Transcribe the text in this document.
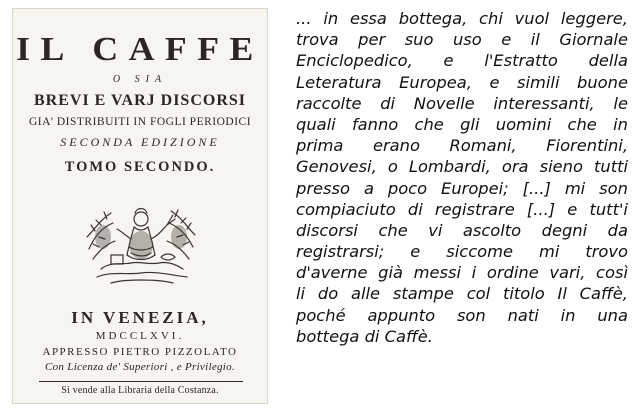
IL CAFFE
O SIA
BREVI E VARJ DISCORSI
GIA' DISTRIBUITI IN FOGLI PERIODICI
SECONDA EDIZIONE
TOMO SECONDO.
IN VENEZIA,
MDCCLXVI.
APPRESSO PIETRO PIZZOLATO
Con Licenza de' Superiori , e Privilegio.
Si vende alla Libraria della Costanza.
... in essa bottega, chi vuol leggere,
trova per suo uso e il Giornale
Enciclopedico, e l'Estratto della
Leteratura Europea, e simili buone
raccolte di Novelle interessanti, le
quali fanno che gli uomini che in
prima erano Romani, Fiorentini,
Genovesi, o Lombardi, ora sieno tutti
presso a poco Europei; [...] mi son
compiaciuto di registrare [...] e tutt'i
discorsi che vi ascolto degni da
registrarsi; e siccome mi trovo
d'averne già messi i ordine vari, così
li do alle stampe col titolo Il Caffè,
poché appunto son nati in una
bottega di Caffè.
